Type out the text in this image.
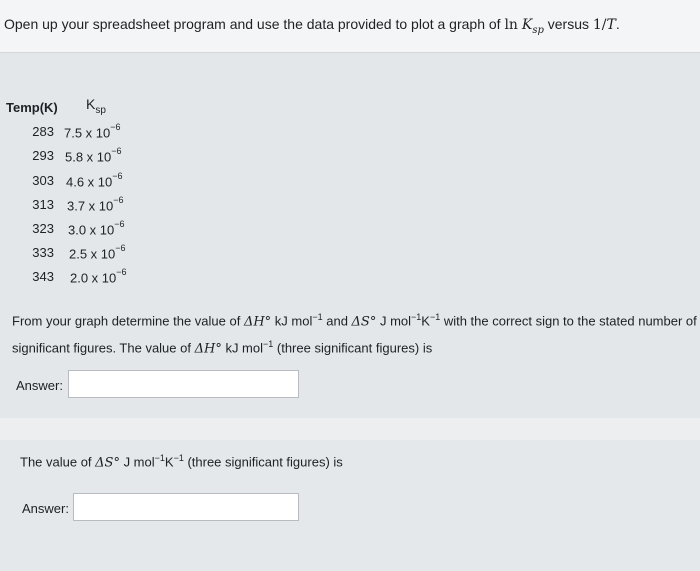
Open up your spreadsheet program and use the data provided to plot a graph of $\ln K_{sp}$ versus 1/T.
Temp(K) $K_{sp}$
283 7.5 x $10^{-6}$
293 5.8 x $10^{-6}$
303 4.6 x $10^{-6}$
313 3.7 x $10^{-6}$
323 3.0 x $10^{-6}$
333 2.5 x $10^{-6}$
343 2.0 x $10^{-6}$
From your graph determine the value of ΔH° kJ mol$^{-1}$ and ΔS° J $mol^{-1}K^{-1}$ with the correct sign to the stated number of significant figures. The value of ΔH° kJ mol$^{-1}$ (three significant figures) is
Answer:
The value of ΔS° J $mol^{-1}K^{-1}$ (three significant figures) is
Answer:
